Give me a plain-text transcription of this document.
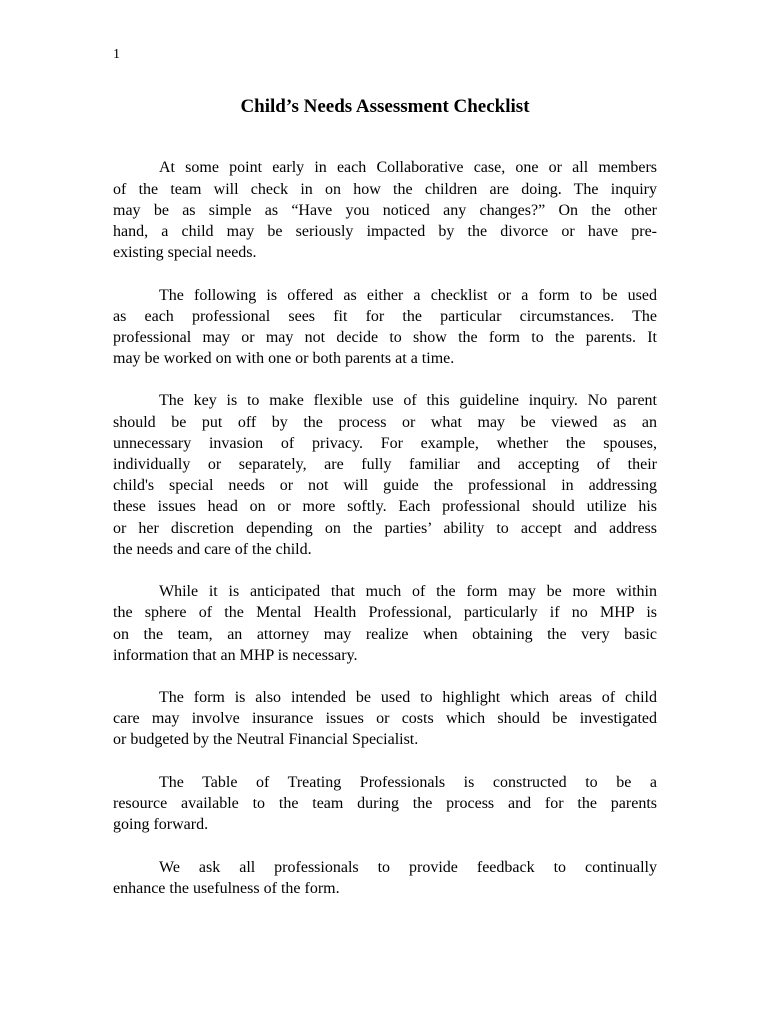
1

Child’s Needs Assessment Checklist
At some point early in each Collaborative case, one or all members
of the team will check in on how the children are doing. The inquiry
may be as simple as “Have you noticed any changes?” On the other
hand, a child may be seriously impacted by the divorce or have pre-
existing special needs.
The following is offered as either a checklist or a form to be used
as each professional sees fit for the particular circumstances. The
professional may or may not decide to show the form to the parents. It
may be worked on with one or both parents at a time.
The key is to make flexible use of this guideline inquiry. No parent
should be put off by the process or what may be viewed as an
unnecessary invasion of privacy. For example, whether the spouses,
individually or separately, are fully familiar and accepting of their
child's special needs or not will guide the professional in addressing
these issues head on or more softly. Each professional should utilize his
or her discretion depending on the parties’ ability to accept and address
the needs and care of the child.
While it is anticipated that much of the form may be more within
the sphere of the Mental Health Professional, particularly if no MHP is
on the team, an attorney may realize when obtaining the very basic
information that an MHP is necessary.
The form is also intended be used to highlight which areas of child
care may involve insurance issues or costs which should be investigated
or budgeted by the Neutral Financial Specialist.
The Table of Treating Professionals is constructed to be a
resource available to the team during the process and for the parents
going forward.
We ask all professionals to provide feedback to continually
enhance the usefulness of the form.
